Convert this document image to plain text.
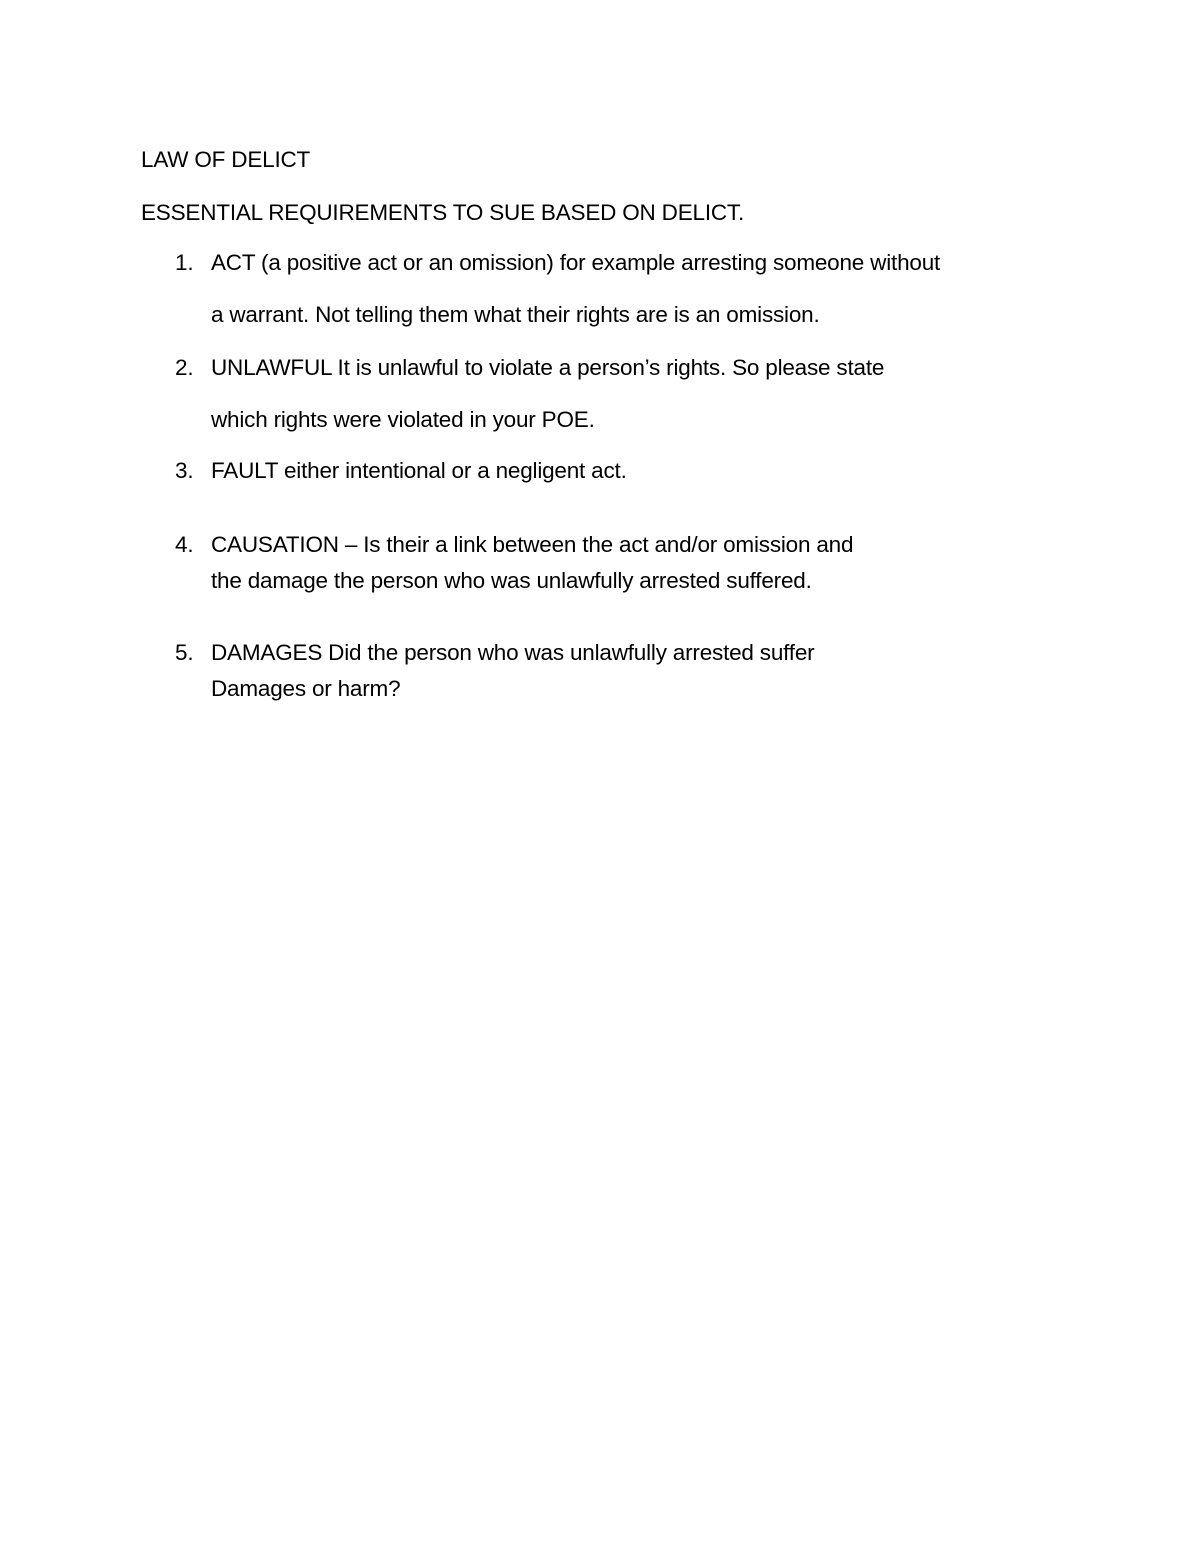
LAW OF DELICT
ESSENTIAL REQUIREMENTS TO SUE BASED ON DELICT.
1. ACT (a positive act or an omission) for example arresting someone without
a warrant. Not telling them what their rights are is an omission.
2. UNLAWFUL It is unlawful to violate a person’s rights. So please state
which rights were violated in your POE.
3. FAULT either intentional or a negligent act.
4. CAUSATION – Is their a link between the act and/or omission and
the damage the person who was unlawfully arrested suffered.
5. DAMAGES Did the person who was unlawfully arrested suffer
Damages or harm?
